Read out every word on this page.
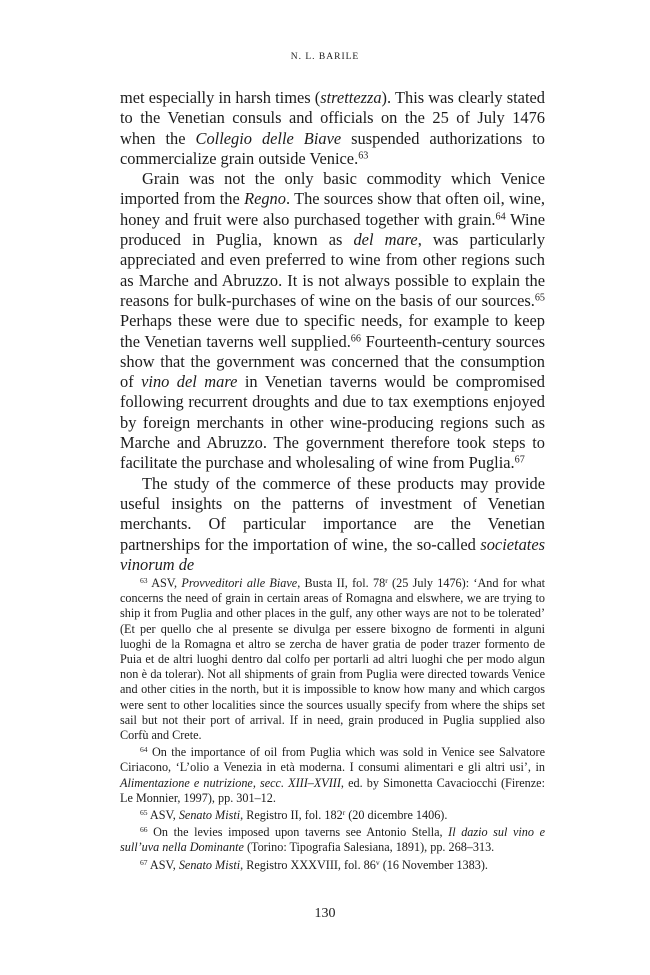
N. L. BARILE

met especially in harsh times (strettezza). This was clearly stated to the Venetian consuls and officials on the 25 of July 1476 when the Collegio delle Biave suspended authorizations to commercialize grain outside Venice.$^{63}$

Grain was not the only basic commodity which Venice imported from the Regno. The sources show that often oil, wine, honey and fruit were also purchased together with grain.$^{64}$ Wine produced in Puglia, known as del mare, was particularly appreciated and even preferred to wine from other regions such as Marche and Abruzzo. It is not always possible to explain the reasons for bulk-purchases of wine on the basis of our sources.$^{65}$ Perhaps these were due to specific needs, for example to keep the Venetian taverns well supplied.$^{66}$ Fourteenth-century sources show that the government was concerned that the consumption of vino del mare in Venetian taverns would be compromised following recurrent droughts and due to tax exemptions enjoyed by foreign merchants in other wine-producing regions such as Marche and Abruzzo. The government therefore took steps to facilitate the purchase and wholesaling of wine from Puglia.$^{67}$

The study of the commerce of these products may provide useful insights on the patterns of investment of Venetian merchants. Of particular importance are the Venetian partnerships for the importation of wine, the so-called societates vinorum de

$^{63}$ ASV, Provveditori alle Biave, Busta II, fol. 78$^r$ (25 July 1476): ‘And for what concerns the need of grain in certain areas of Romagna and elswhere, we are trying to ship it from Puglia and other places in the gulf, any other ways are not to be tolerated’ (Et per quello che al presente se divulga per essere bixogno de formenti in alguni luoghi de la Romagna et altro se zercha de haver gratia de poder trazer formento de Puia et de altri luoghi dentro dal colfo per portarli ad altri luoghi che per modo algun non è da tolerar). Not all shipments of grain from Puglia were directed towards Venice and other cities in the north, but it is impossible to know how many and which cargos were sent to other localities since the sources usually specify from where the ships set sail but not their port of arrival. If in need, grain produced in Puglia supplied also Corfù and Crete.

$^{64}$ On the importance of oil from Puglia which was sold in Venice see Salvatore Ciriacono, ‘L’olio a Venezia in età moderna. I consumi alimentari e gli altri usi’, in Alimentazione e nutrizione, secc. XIII–XVIII, ed. by Simonetta Cavaciocchi (Firenze: Le Monnier, 1997), pp. 301–12.

$^{65}$ ASV, Senato Misti, Registro II, fol. 182$^r$ (20 dicembre 1406).

$^{66}$ On the levies imposed upon taverns see Antonio Stella, Il dazio sul vino e sull’uva nella Dominante (Torino: Tipografia Salesiana, 1891), pp. 268–313.

$^{67}$ ASV, Senato Misti, Registro XXXVIII, fol. 86$^v$ (16 November 1383).

130
